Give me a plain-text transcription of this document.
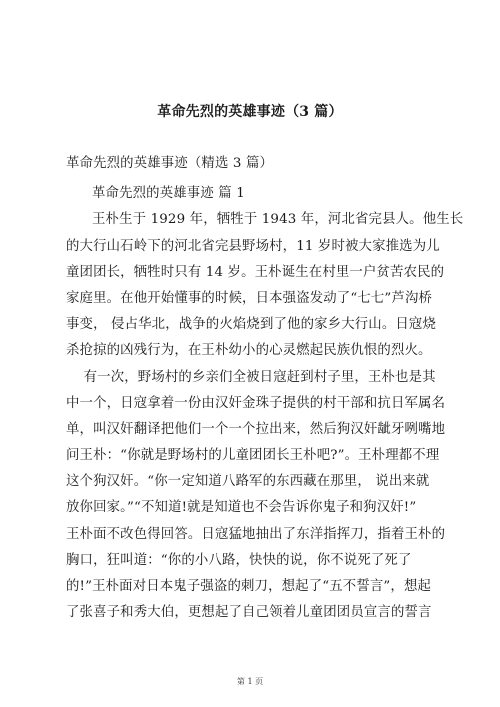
革命先烈的英雄事迹（3 篇）
革命先烈的英雄事迹（精选 3 篇）
革命先烈的英雄事迹 篇 1
王朴生于 1929 年，牺牲于 1943 年，河北省完县人。他生长
的大行山石岭下的河北省完县野场村，11 岁时被大家推选为儿
童团团长，牺牲时只有 14 岁。王朴诞生在村里一户贫苦农民的
家庭里。在他开始懂事的时候，日本强盗发动了“七七”芦沟桥
事变， 侵占华北，战争的火焰烧到了他的家乡大行山。日寇烧
杀抢掠的凶残行为，在王朴幼小的心灵燃起民族仇恨的烈火。
有一次，野场村的乡亲们全被日寇赶到村子里，王朴也是其
中一个，日寇拿着一份由汉奸金珠子提供的村干部和抗日军属名
单，叫汉奸翻译把他们一个一个拉出来，然后狗汉奸龇牙咧嘴地
问王朴：“你就是野场村的儿童团团长王朴吧?”。王朴理都不理
这个狗汉奸。“你一定知道八路军的东西藏在那里， 说出来就
放你回家。”“不知道!就是知道也不会告诉你鬼子和狗汉奸!”
王朴面不改色得回答。日寇猛地抽出了东洋指挥刀，指着王朴的
胸口，狂叫道：“你的小八路，快快的说，你不说死了死了
的!”王朴面对日本鬼子强盗的刺刀，想起了“五不誓言”，想起
了张喜子和秀大伯，更想起了自己领着儿童团团员宣言的誓言
第 1 页
